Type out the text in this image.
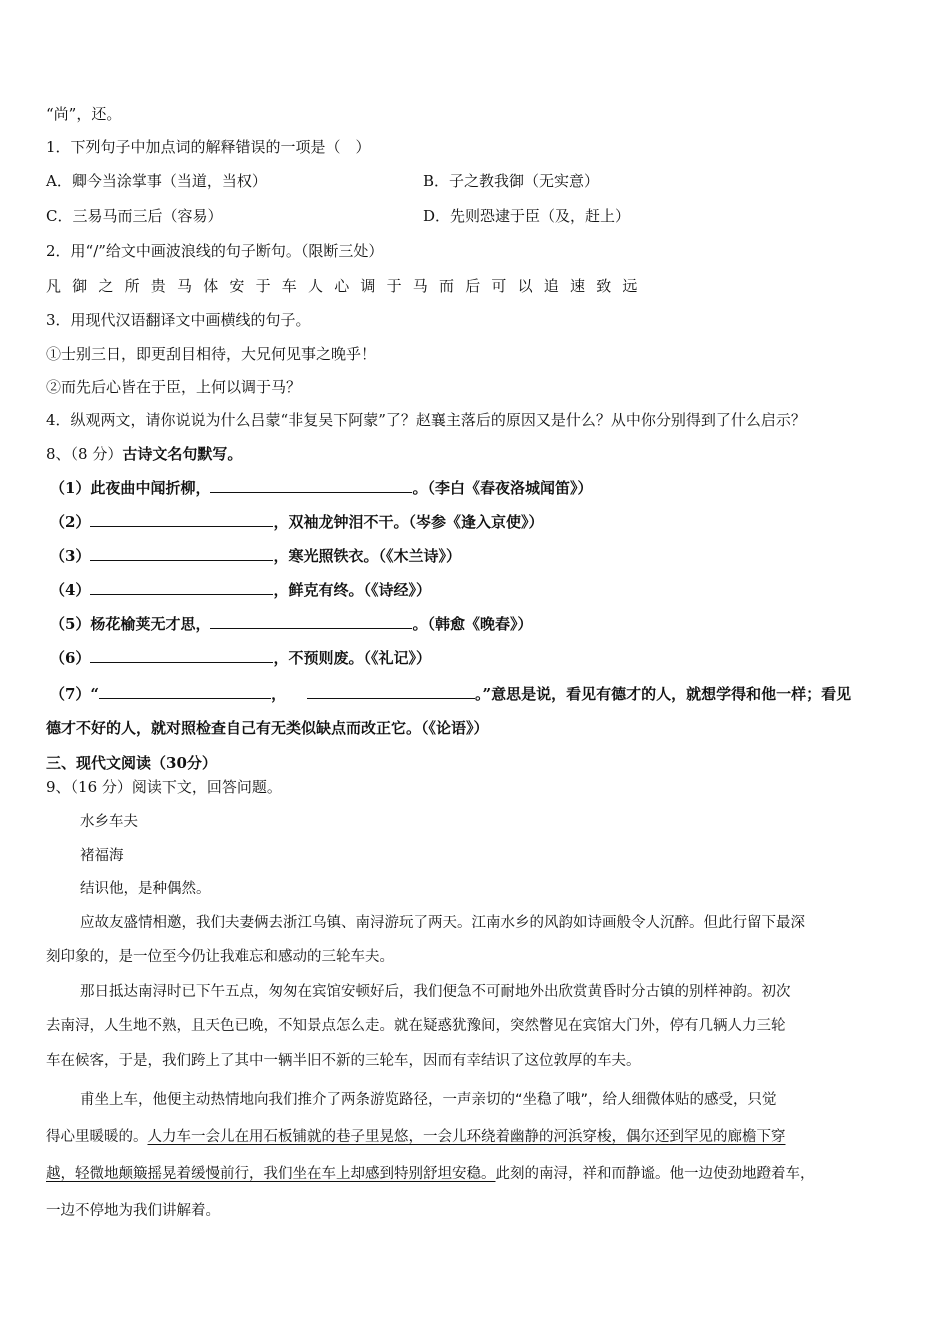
“尚”，还。
1．下列句子中加点词的解释错误的一项是（　）
A．卿今当涂掌事（当道，当权）	B．子之教我御（无实意）
C．三易马而三后（容易）	D．先则恐逮于臣（及，赶上）
2．用“/”给文中画波浪线的句子断句。（限断三处）
凡御之所贵马体安于车人心调于马而后可以追速致远
3．用现代汉语翻译文中画横线的句子。
①士别三日，即更刮目相待，大兄何见事之晚乎！
②而先后心皆在于臣，上何以调于马？
4．纵观两文，请你说说为什么吕蒙“非复吴下阿蒙”了？赵襄主落后的原因又是什么？从中你分别得到了什么启示？
8、（8 分）古诗文名句默写。
（1）此夜曲中闻折柳，	。（李白《春夜洛城闻笛》）
（2）	，双袖龙钟泪不干。（岑参《逢入京使》）
（3）	，寒光照铁衣。（《木兰诗》）
（4）	，鲜克有终。（《诗经》）
（5）杨花榆荚无才思，	。（韩愈《晚春》）
（6）	，不预则废。（《礼记》）
（7）“	，	。”意思是说，看见有德才的人，就想学得和他一样；看见
德才不好的人，就对照检查自己有无类似缺点而改正它。（《论语》）
三、现代文阅读（30分）
9、（16 分）阅读下文，回答问题。
水乡车夫
褚福海
结识他，是种偶然。
应故友盛情相邀，我们夫妻俩去浙江乌镇、南浔游玩了两天。江南水乡的风韵如诗画般令人沉醉。但此行留下最深
刻印象的，是一位至今仍让我难忘和感动的三轮车夫。
那日抵达南浔时已下午五点，匆匆在宾馆安顿好后，我们便急不可耐地外出欣赏黄昏时分古镇的别样神韵。初次
去南浔，人生地不熟，且天色已晚，不知景点怎么走。就在疑惑犹豫间，突然瞥见在宾馆大门外，停有几辆人力三轮
车在候客，于是，我们跨上了其中一辆半旧不新的三轮车，因而有幸结识了这位敦厚的车夫。
甫坐上车，他便主动热情地向我们推介了两条游览路径，一声亲切的“坐稳了哦”，给人细微体贴的感受，只觉
得心里暖暖的。人力车一会儿在用石板铺就的巷子里晃悠，一会儿环绕着幽静的河浜穿梭，偶尔还到罕见的廊檐下穿
越，轻微地颠簸摇晃着缓慢前行，我们坐在车上却感到特别舒坦安稳。此刻的南浔，祥和而静谧。他一边使劲地蹬着车，
一边不停地为我们讲解着。
